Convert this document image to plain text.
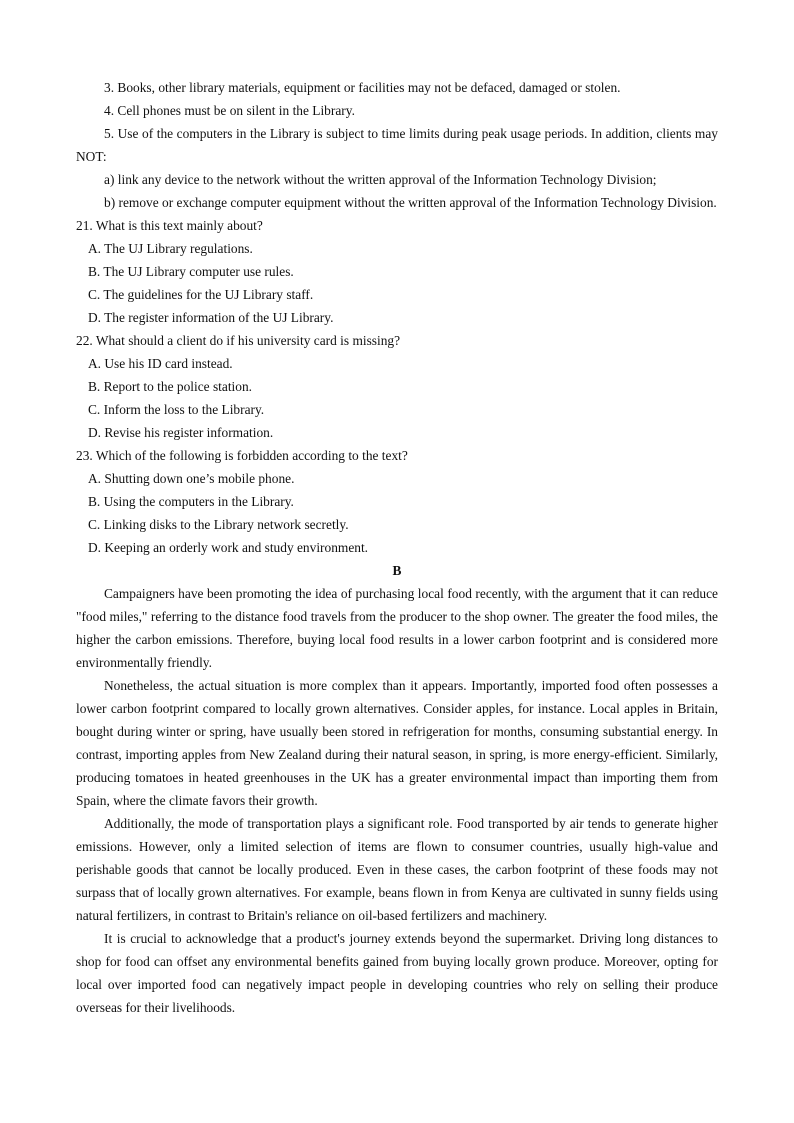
3. Books, other library materials, equipment or facilities may not be defaced, damaged or stolen.

4. Cell phones must be on silent in the Library.

5. Use of the computers in the Library is subject to time limits during peak usage periods. In addition, clients may NOT:

a) link any device to the network without the written approval of the Information Technology Division;

b) remove or exchange computer equipment without the written approval of the Information Technology Division.

21. What is this text mainly about?

A. The UJ Library regulations.

B. The UJ Library computer use rules.

C. The guidelines for the UJ Library staff.

D. The register information of the UJ Library.

22. What should a client do if his university card is missing?

A. Use his ID card instead.

B. Report to the police station.

C. Inform the loss to the Library.

D. Revise his register information.

23. Which of the following is forbidden according to the text?

A. Shutting down one’s mobile phone.

B. Using the computers in the Library.

C. Linking disks to the Library network secretly.

D. Keeping an orderly work and study environment.

B

Campaigners have been promoting the idea of purchasing local food recently, with the argument that it can reduce "food miles," referring to the distance food travels from the producer to the shop owner. The greater the food miles, the higher the carbon emissions. Therefore, buying local food results in a lower carbon footprint and is considered more environmentally friendly.

Nonetheless, the actual situation is more complex than it appears. Importantly, imported food often possesses a lower carbon footprint compared to locally grown alternatives. Consider apples, for instance. Local apples in Britain, bought during winter or spring, have usually been stored in refrigeration for months, consuming substantial energy. In contrast, importing apples from New Zealand during their natural season, in spring, is more energy-efficient. Similarly, producing tomatoes in heated greenhouses in the UK has a greater environmental impact than importing them from Spain, where the climate favors their growth.

Additionally, the mode of transportation plays a significant role. Food transported by air tends to generate higher emissions. However, only a limited selection of items are flown to consumer countries, usually high-value and perishable goods that cannot be locally produced. Even in these cases, the carbon footprint of these foods may not surpass that of locally grown alternatives. For example, beans flown in from Kenya are cultivated in sunny fields using natural fertilizers, in contrast to Britain's reliance on oil-based fertilizers and machinery.

It is crucial to acknowledge that a product's journey extends beyond the supermarket. Driving long distances to shop for food can offset any environmental benefits gained from buying locally grown produce. Moreover, opting for local over imported food can negatively impact people in developing countries who rely on selling their produce overseas for their livelihoods.
